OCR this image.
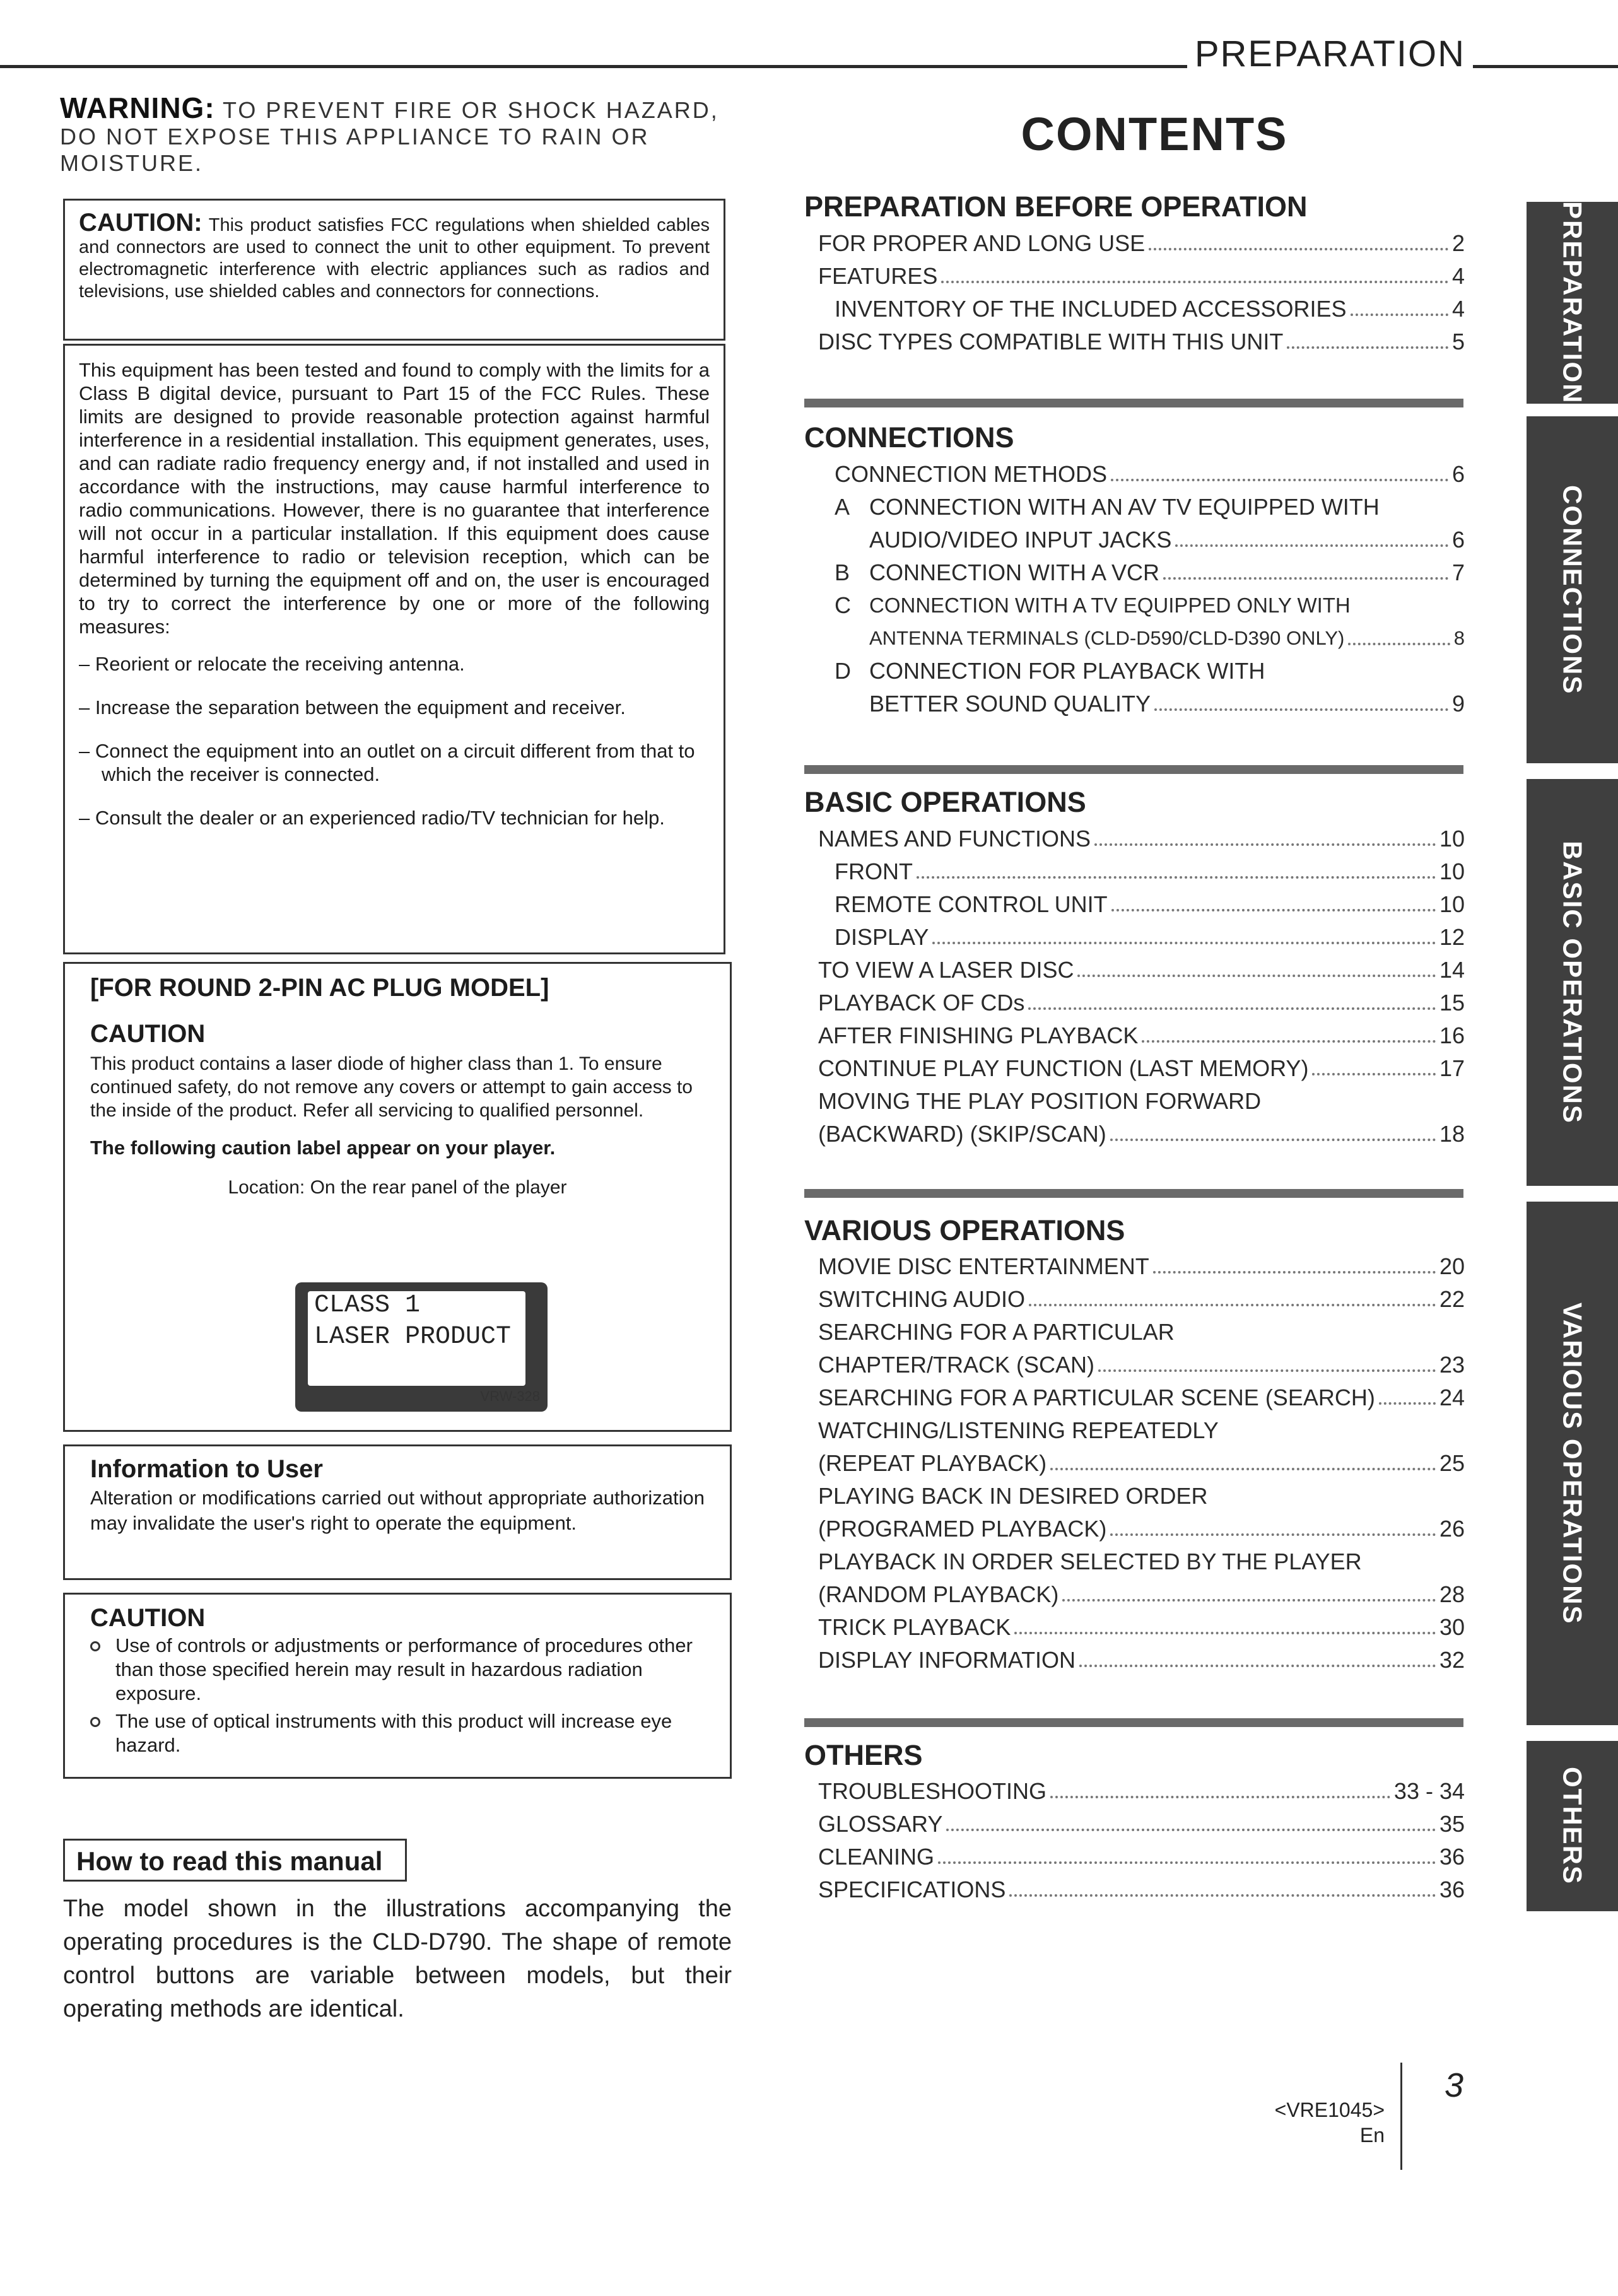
PREPARATION
WARNING: TO PREVENT FIRE OR SHOCK HAZARD, DO NOT EXPOSE THIS APPLIANCE TO RAIN OR MOISTURE.
CAUTION: This product satisfies FCC regulations when shielded cables and connectors are used to connect the unit to other equipment. To prevent electromagnetic interference with electric appliances such as radios and televisions, use shielded cables and connectors for connections.

This equipment has been tested and found to comply with the limits for a Class B digital device, pursuant to Part 15 of the FCC Rules. These limits are designed to provide reasonable protection against harmful interference in a residential installation. This equipment generates, uses, and can radiate radio frequency energy and, if not installed and used in accordance with the instructions, may cause harmful interference to radio communications. However, there is no guarantee that interference will not occur in a particular installation. If this equipment does cause harmful interference to radio or television reception, which can be determined by turning the equipment off and on, the user is encouraged to try to correct the interference by one or more of the following measures:

– Reorient or relocate the receiving antenna.
– Increase the separation between the equipment and receiver.
– Connect the equipment into an outlet on a circuit different from that to which the receiver is connected.
– Consult the dealer or an experienced radio/TV technician for help.
[FOR ROUND 2-PIN AC PLUG MODEL]
CAUTION
This product contains a laser diode of higher class than 1. To ensure continued safety, do not remove any covers or attempt to gain access to the inside of the product. Refer all servicing to qualified personnel.
The following caution label appear on your player.
Location: On the rear panel of the player
CLASS 1
LASER PRODUCT
VRW-328
Information to User
Alteration or modifications carried out without appropriate authorization may invalidate the user's right to operate the equipment.
CAUTION
Use of controls or adjustments or performance of procedures other than those specified herein may result in hazardous radiation exposure.
The use of optical instruments with this product will increase eye hazard.
How to read this manual
The model shown in the illustrations accompanying the operating procedures is the CLD-D790. The shape of remote control buttons are variable between models, but their operating methods are identical.
CONTENTS
PREPARATION BEFORE OPERATION
FOR PROPER AND LONG USE	2
FEATURES	4
INVENTORY OF THE INCLUDED ACCESSORIES	4
DISC TYPES COMPATIBLE WITH THIS UNIT	5
CONNECTIONS
CONNECTION METHODS	6
A CONNECTION WITH AN AV TV EQUIPPED WITH
AUDIO/VIDEO INPUT JACKS	6
B CONNECTION WITH A VCR	7
C CONNECTION WITH A TV EQUIPPED ONLY WITH
ANTENNA TERMINALS (CLD-D590/CLD-D390 ONLY)	8
D CONNECTION FOR PLAYBACK WITH
BETTER SOUND QUALITY	9
BASIC OPERATIONS
NAMES AND FUNCTIONS	10
FRONT	10
REMOTE CONTROL UNIT	10
DISPLAY	12
TO VIEW A LASER DISC	14
PLAYBACK OF CDs	15
AFTER FINISHING PLAYBACK	16
CONTINUE PLAY FUNCTION (LAST MEMORY)	17
MOVING THE PLAY POSITION FORWARD
(BACKWARD) (SKIP/SCAN)	18
VARIOUS OPERATIONS
MOVIE DISC ENTERTAINMENT	20
SWITCHING AUDIO	22
SEARCHING FOR A PARTICULAR
CHAPTER/TRACK (SCAN)	23
SEARCHING FOR A PARTICULAR SCENE (SEARCH)	24
WATCHING/LISTENING REPEATEDLY
(REPEAT PLAYBACK)	25
PLAYING BACK IN DESIRED ORDER
(PROGRAMED PLAYBACK)	26
PLAYBACK IN ORDER SELECTED BY THE PLAYER
(RANDOM PLAYBACK)	28
TRICK PLAYBACK	30
DISPLAY INFORMATION	32
OTHERS
TROUBLESHOOTING	33 - 34
GLOSSARY	35
CLEANING	36
SPECIFICATIONS	36
PREPARATION
CONNECTIONS
BASIC OPERATIONS
VARIOUS OPERATIONS
OTHERS
<VRE1045>
En
3
